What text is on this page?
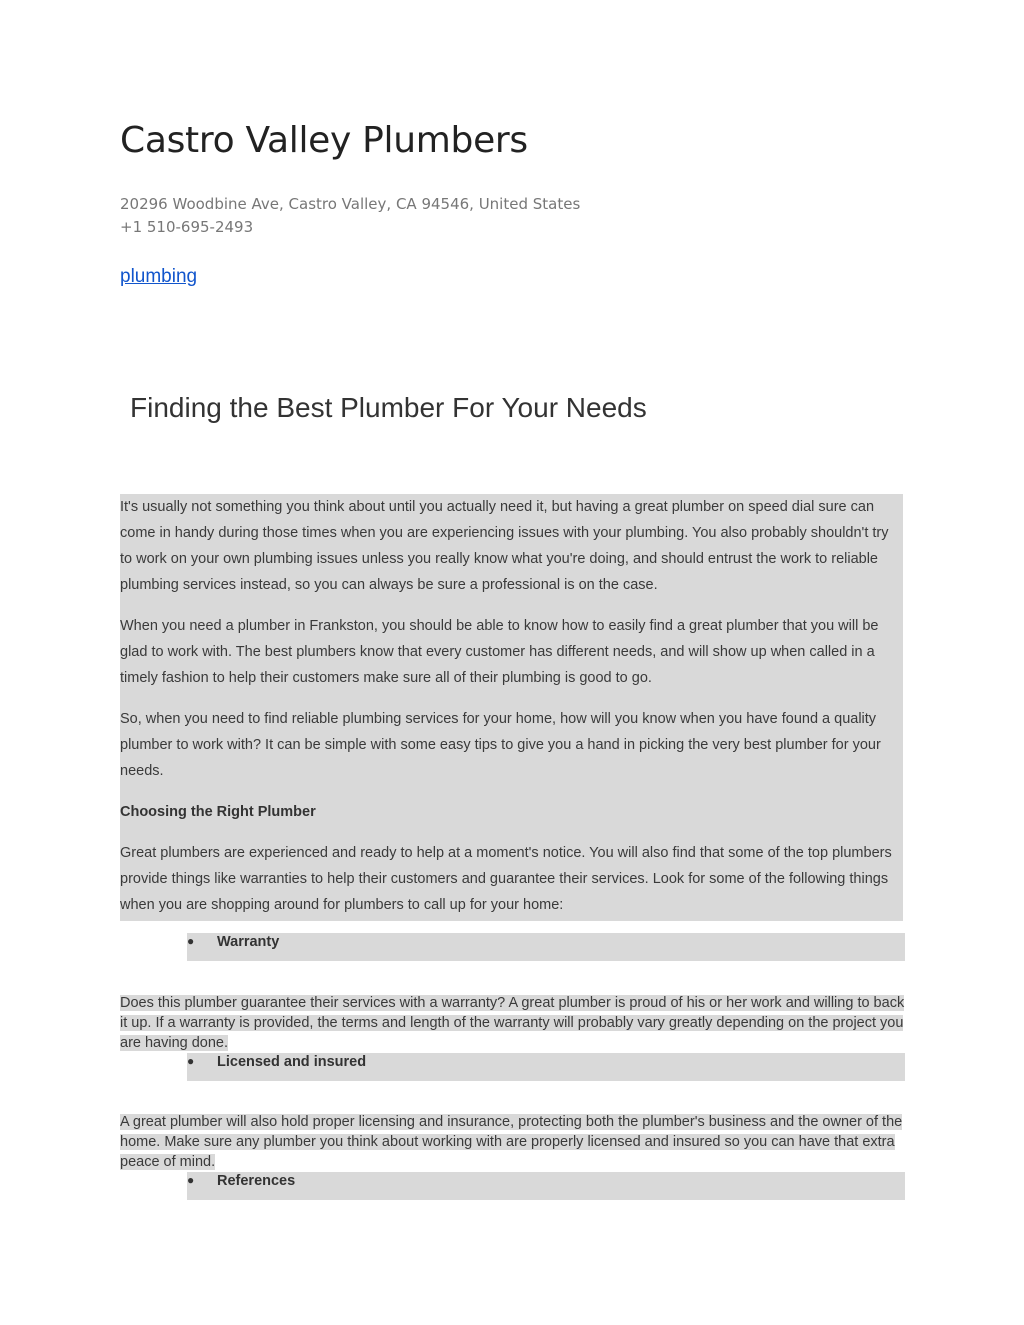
Castro Valley Plumbers

20296 Woodbine Ave, Castro Valley, CA 94546, United States

+1 510-695-2493

plumbing
Finding the Best Plumber For Your Needs

It's usually not something you think about until you actually need it, but having a great plumber on speed dial sure can come in handy during those times when you are experiencing issues with your plumbing. You also probably shouldn't try to work on your own plumbing issues unless you really know what you're doing, and should entrust the work to reliable plumbing services instead, so you can always be sure a professional is on the case.

When you need a plumber in Frankston, you should be able to know how to easily find a great plumber that you will be glad to work with. The best plumbers know that every customer has different needs, and will show up when called in a timely fashion to help their customers make sure all of their plumbing is good to go.

So, when you need to find reliable plumbing services for your home, how will you know when you have found a quality plumber to work with? It can be simple with some easy tips to give you a hand in picking the very best plumber for your needs.

Choosing the Right Plumber

Great plumbers are experienced and ready to help at a moment's notice. You will also find that some of the top plumbers provide things like warranties to help their customers and guarantee their services. Look for some of the following things when you are shopping around for plumbers to call up for your home:

● Warranty

Does this plumber guarantee their services with a warranty? A great plumber is proud of his or her work and willing to back it up. If a warranty is provided, the terms and length of the warranty will probably vary greatly depending on the project you are having done.

● Licensed and insured

A great plumber will also hold proper licensing and insurance, protecting both the plumber's business and the owner of the home. Make sure any plumber you think about working with are properly licensed and insured so you can have that extra peace of mind.

● References
